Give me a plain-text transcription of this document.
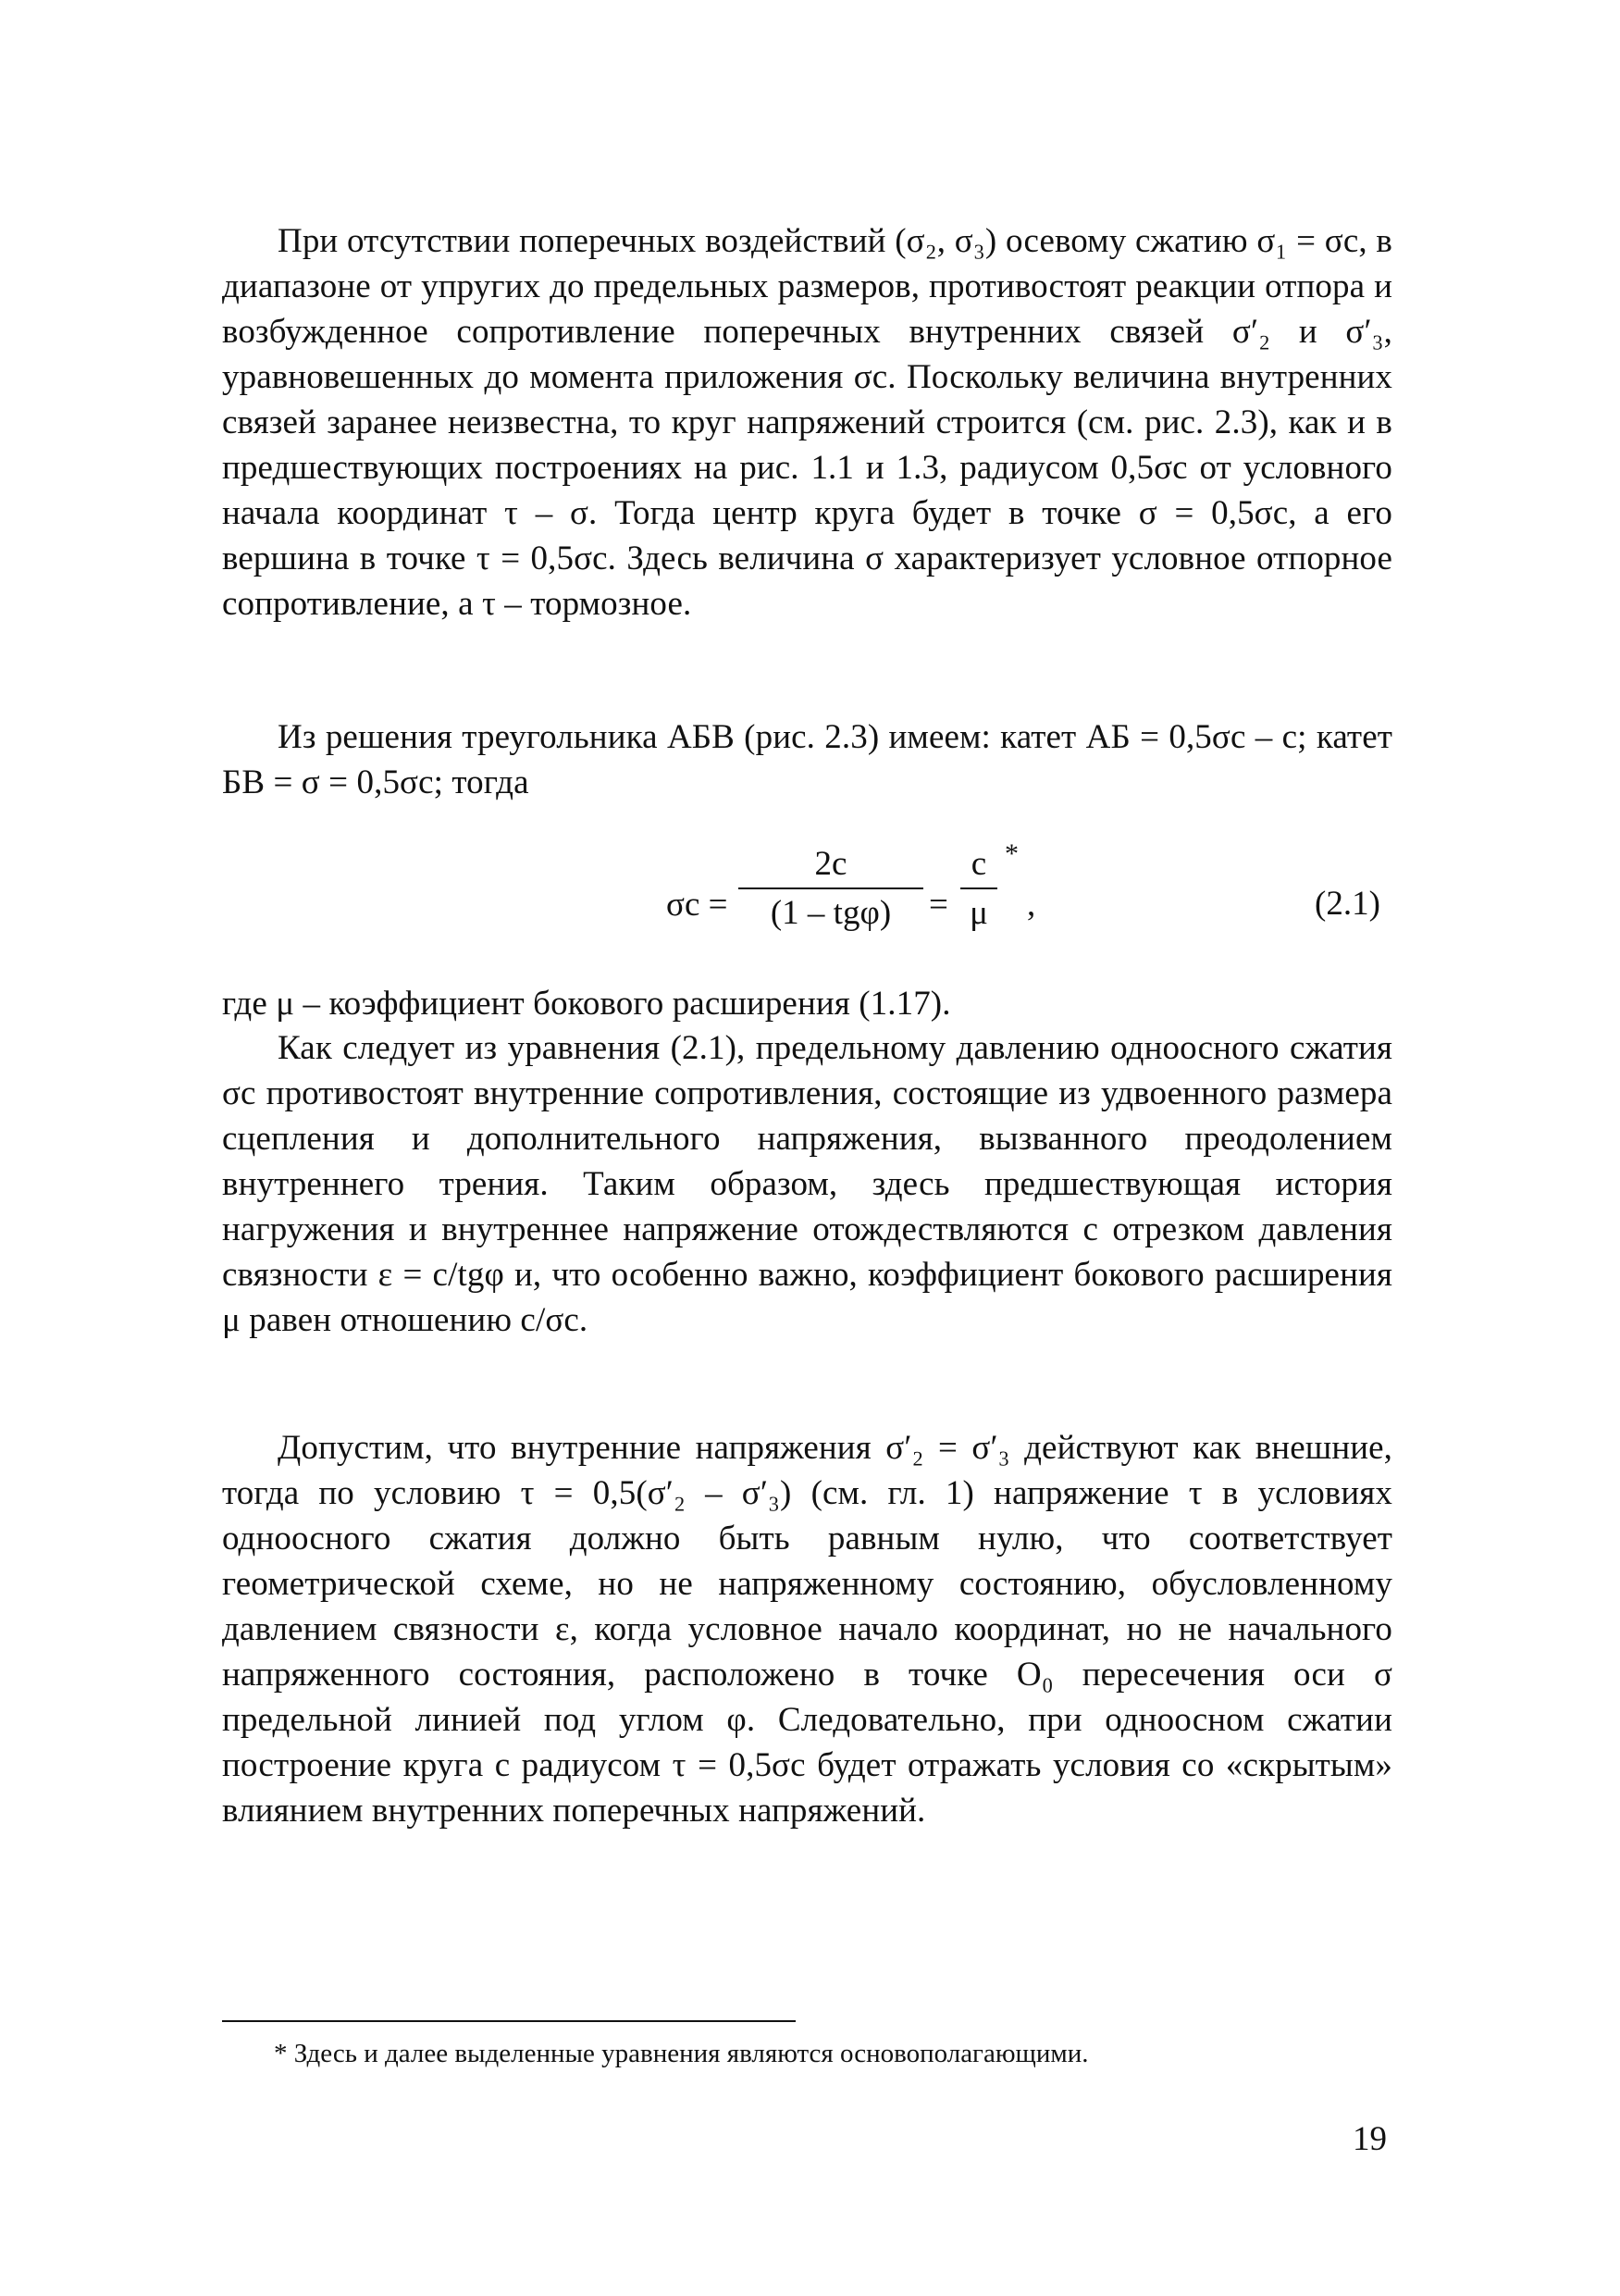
При отсутствии поперечных воздействий (σ₂, σ₃) осевому сжатию σ₁ = σc, в диапазоне от упругих до предельных размеров, противостоят реакции отпора и возбужденное сопротивление поперечных внутренних связей σ′₂ и σ′₃, уравновешенных до момента приложения σc. Поскольку величина внутренних связей заранее неизвестна, то круг напряжений строится (см. рис. 2.3), как и в предшествующих построениях на рис. 1.1 и 1.3, радиусом 0,5σc от условного начала координат τ – σ. Тогда центр круга будет в точке σ = 0,5σc, а его вершина в точке τ = 0,5σc. Здесь величина σ характеризует условное отпорное сопротивление, а τ – тормозное.

Из решения треугольника АБВ (рис. 2.3) имеем: катет АБ = 0,5σc – c; катет БВ = σ = 0,5σc; тогда

σc =
2c
(1 – tgφ)	=
c
μ
*
,	(2.1)

где μ – коэффициент бокового расширения (1.17).

Как следует из уравнения (2.1), предельному давлению одноосного сжатия σc противостоят внутренние сопротивления, состоящие из удвоенного размера сцепления и дополнительного напряжения, вызванного преодолением внутреннего трения. Таким образом, здесь предшествующая история нагружения и внутреннее напряжение отождествляются с отрезком давления связности ε = c/tgφ и, что особенно важно, коэффициент бокового расширения μ равен отношению c/σc.

Допустим, что внутренние напряжения σ′₂ = σ′₃ действуют как внешние, тогда по условию τ = 0,5(σ′₂ – σ′₃) (см. гл. 1) напряжение τ в условиях одноосного сжатия должно быть равным нулю, что соответствует геометрической схеме, но не напряженному состоянию, обусловленному давлением связности ε, когда условное начало координат, но не начального напряженного состояния, расположено в точке O₀ пересечения оси σ предельной линией под углом φ. Следовательно, при одноосном сжатии построение круга с радиусом τ = 0,5σc будет отражать условия со «скрытым» влиянием внутренних поперечных напряжений.

* Здесь и далее выделенные уравнения являются основополагающими.
19
